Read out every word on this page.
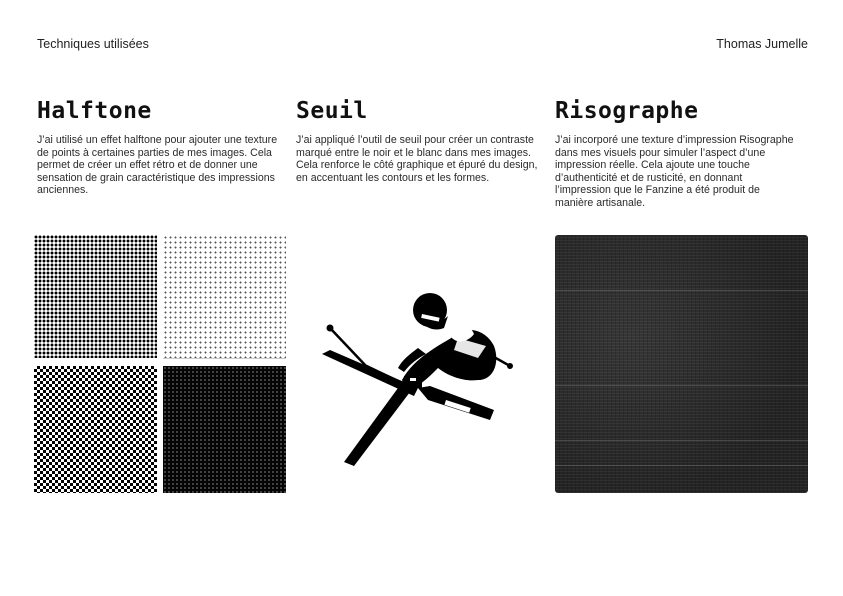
Techniques utilisées	Thomas Jumelle
Halftone

J’ai utilisé un effet halftone pour ajouter une texture de points à certaines parties de mes images. Cela permet de créer un effet rétro et de donner une sensation de grain caractéristique des impressions anciennes.

Seuil

J’ai appliqué l’outil de seuil pour créer un contraste marqué entre le noir et le blanc dans mes images. Cela renforce le côté graphique et épuré du design, en accentuant les contours et les formes.

Risographe

J’ai incorporé une texture d’impression Risographe dans mes visuels pour simuler l’aspect d’une impression réelle. Cela ajoute une touche d’authenticité et de rusticité, en donnant l’impression que le Fanzine a été produit de manière artisanale.
